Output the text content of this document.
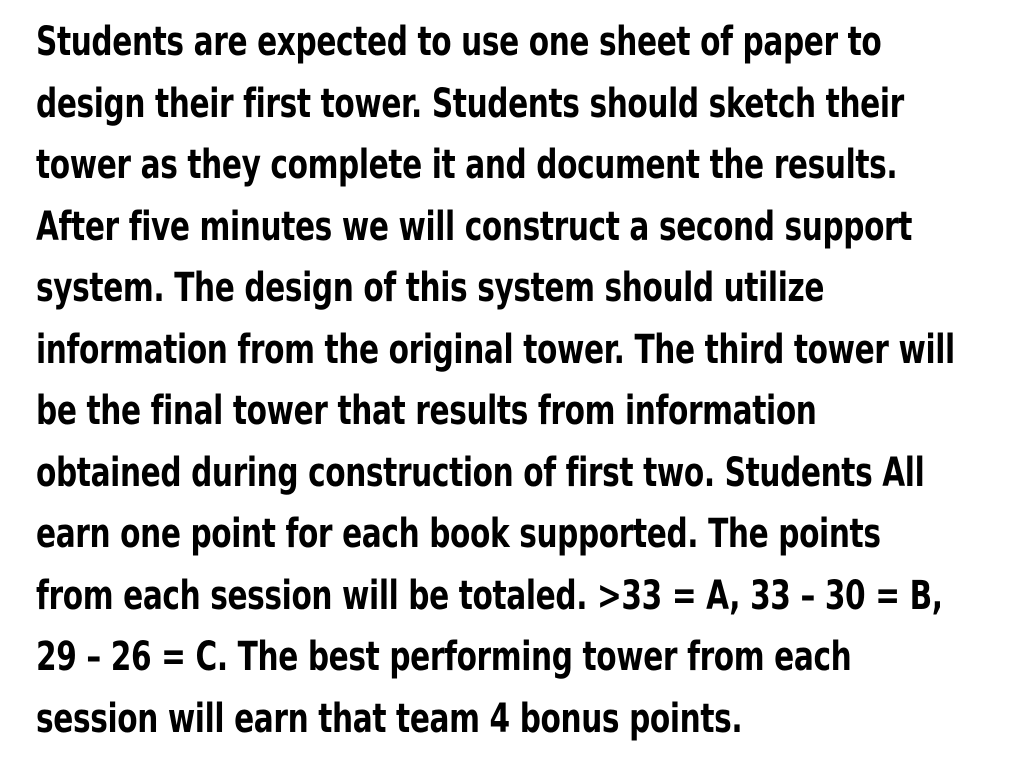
Students are expected to use one sheet of paper to
design their first tower. Students should sketch their
tower as they complete it and document the results.
After five minutes we will construct a second support
system. The design of this system should utilize
information from the original tower. The third tower will
be the final tower that results from information
obtained during construction of first two. Students All
earn one point for each book supported. The points
from each session will be totaled. >33 = A, 33 – 30 = B,
29 – 26 = C. The best performing tower from each
session will earn that team 4 bonus points.
